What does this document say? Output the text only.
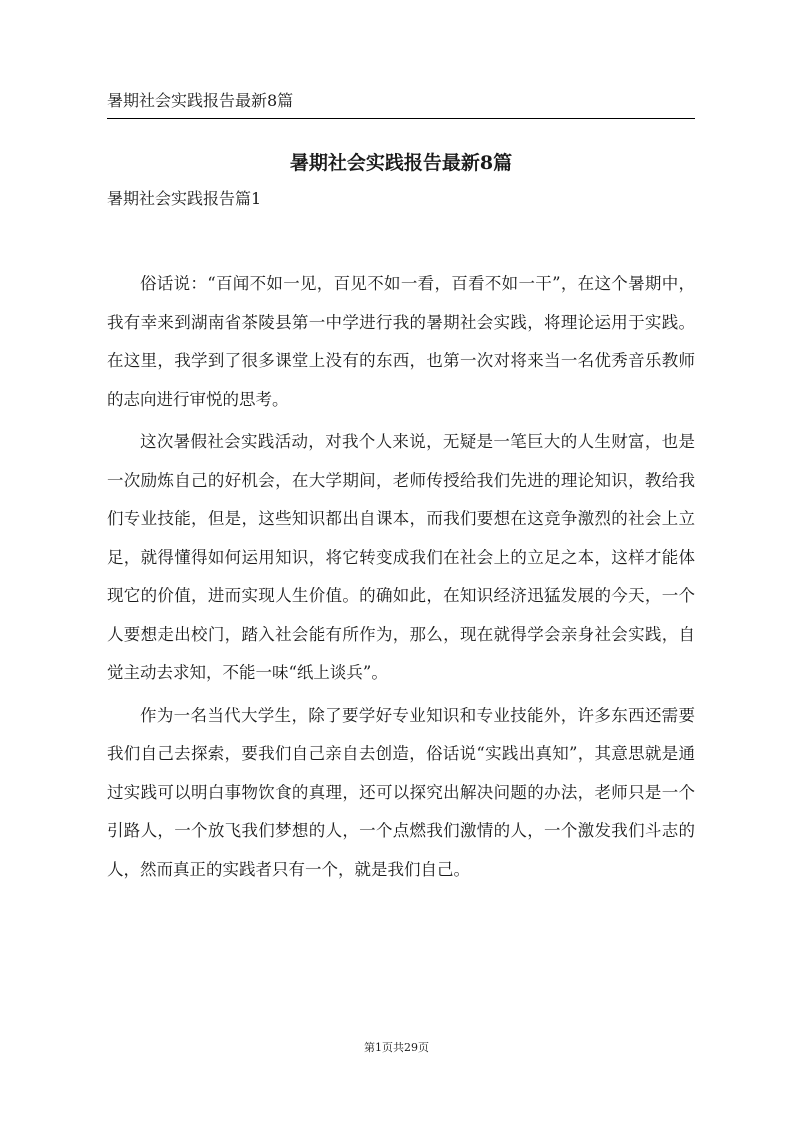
暑期社会实践报告最新8篇
暑期社会实践报告最新8篇
暑期社会实践报告篇1

俗话说：“百闻不如一见，百见不如一看，百看不如一干”，在这个暑期中，我有幸来到湖南省茶陵县第一中学进行我的暑期社会实践，将理论运用于实践。在这里，我学到了很多课堂上没有的东西，也第一次对将来当一名优秀音乐教师的志向进行审悦的思考。

这次暑假社会实践活动，对我个人来说，无疑是一笔巨大的人生财富，也是一次励炼自己的好机会，在大学期间，老师传授给我们先进的理论知识，教给我们专业技能，但是，这些知识都出自课本，而我们要想在这竞争激烈的社会上立足，就得懂得如何运用知识，将它转变成我们在社会上的立足之本，这样才能体现它的价值，进而实现人生价值。的确如此，在知识经济迅猛发展的今天，一个人要想走出校门，踏入社会能有所作为，那么，现在就得学会亲身社会实践，自觉主动去求知，不能一味“纸上谈兵”。

作为一名当代大学生，除了要学好专业知识和专业技能外，许多东西还需要我们自己去探索，要我们自己亲自去创造，俗话说“实践出真知”，其意思就是通过实践可以明白事物饮食的真理，还可以探究出解决问题的办法，老师只是一个引路人，一个放飞我们梦想的人，一个点燃我们激情的人，一个激发我们斗志的人，然而真正的实践者只有一个，就是我们自己。

第1页共29页
